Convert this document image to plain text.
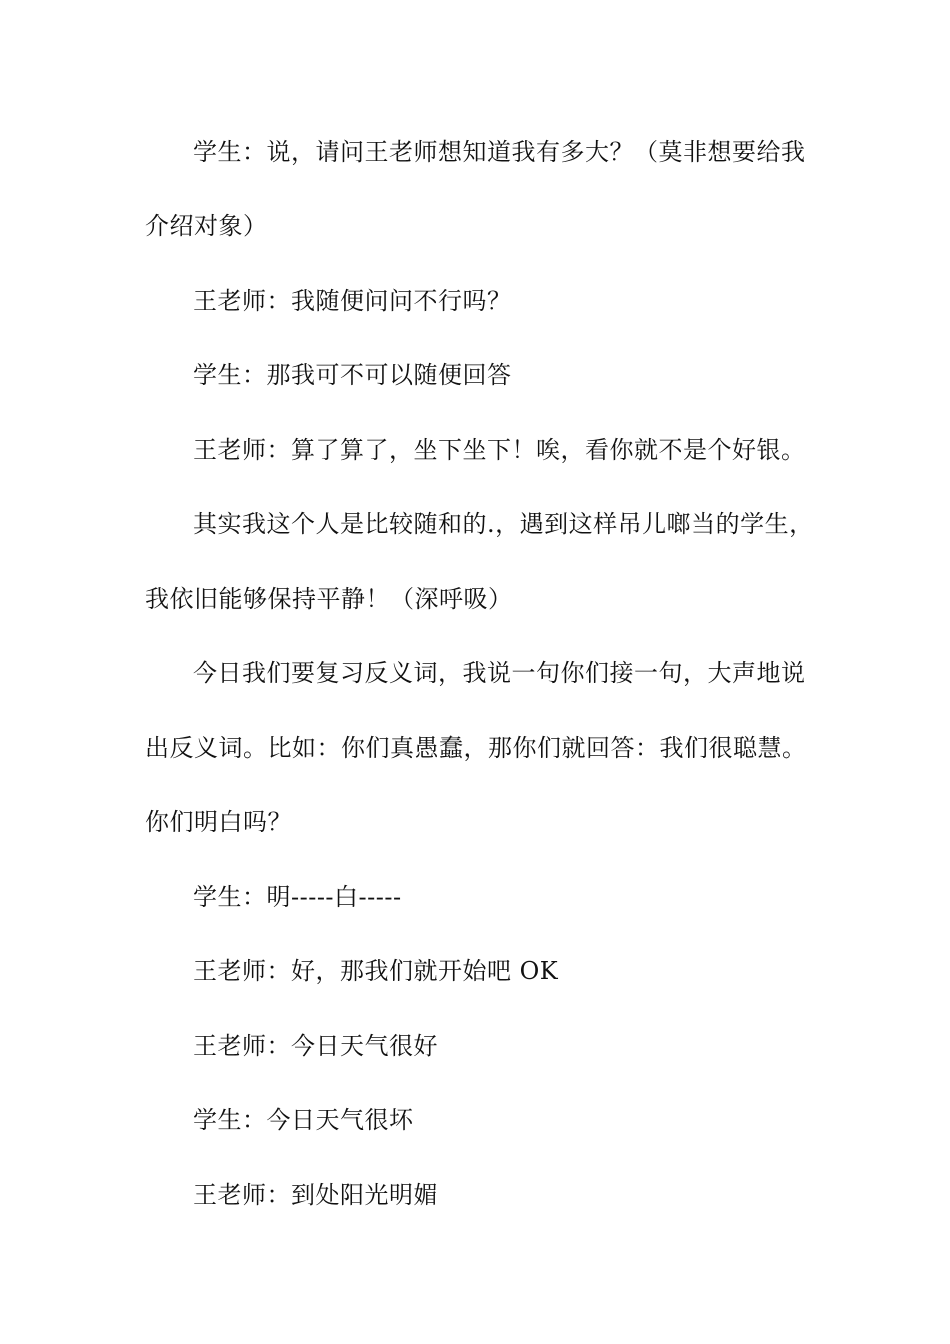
学生：说，请问王老师想知道我有多大？（莫非想要给我
介绍对象）
王老师：我随便问问不行吗？
学生：那我可不可以随便回答
王老师：算了算了，坐下坐下！唉，看你就不是个好银。
其实我这个人是比较随和的.，遇到这样吊儿啷当的学生，
我依旧能够保持平静！（深呼吸）
今日我们要复习反义词，我说一句你们接一句，大声地说
出反义词。比如：你们真愚蠢，那你们就回答：我们很聪慧。
你们明白吗？
学生：明-----白-----
王老师：好，那我们就开始吧 OK
王老师：今日天气很好
学生：今日天气很坏
王老师：到处阳光明媚
